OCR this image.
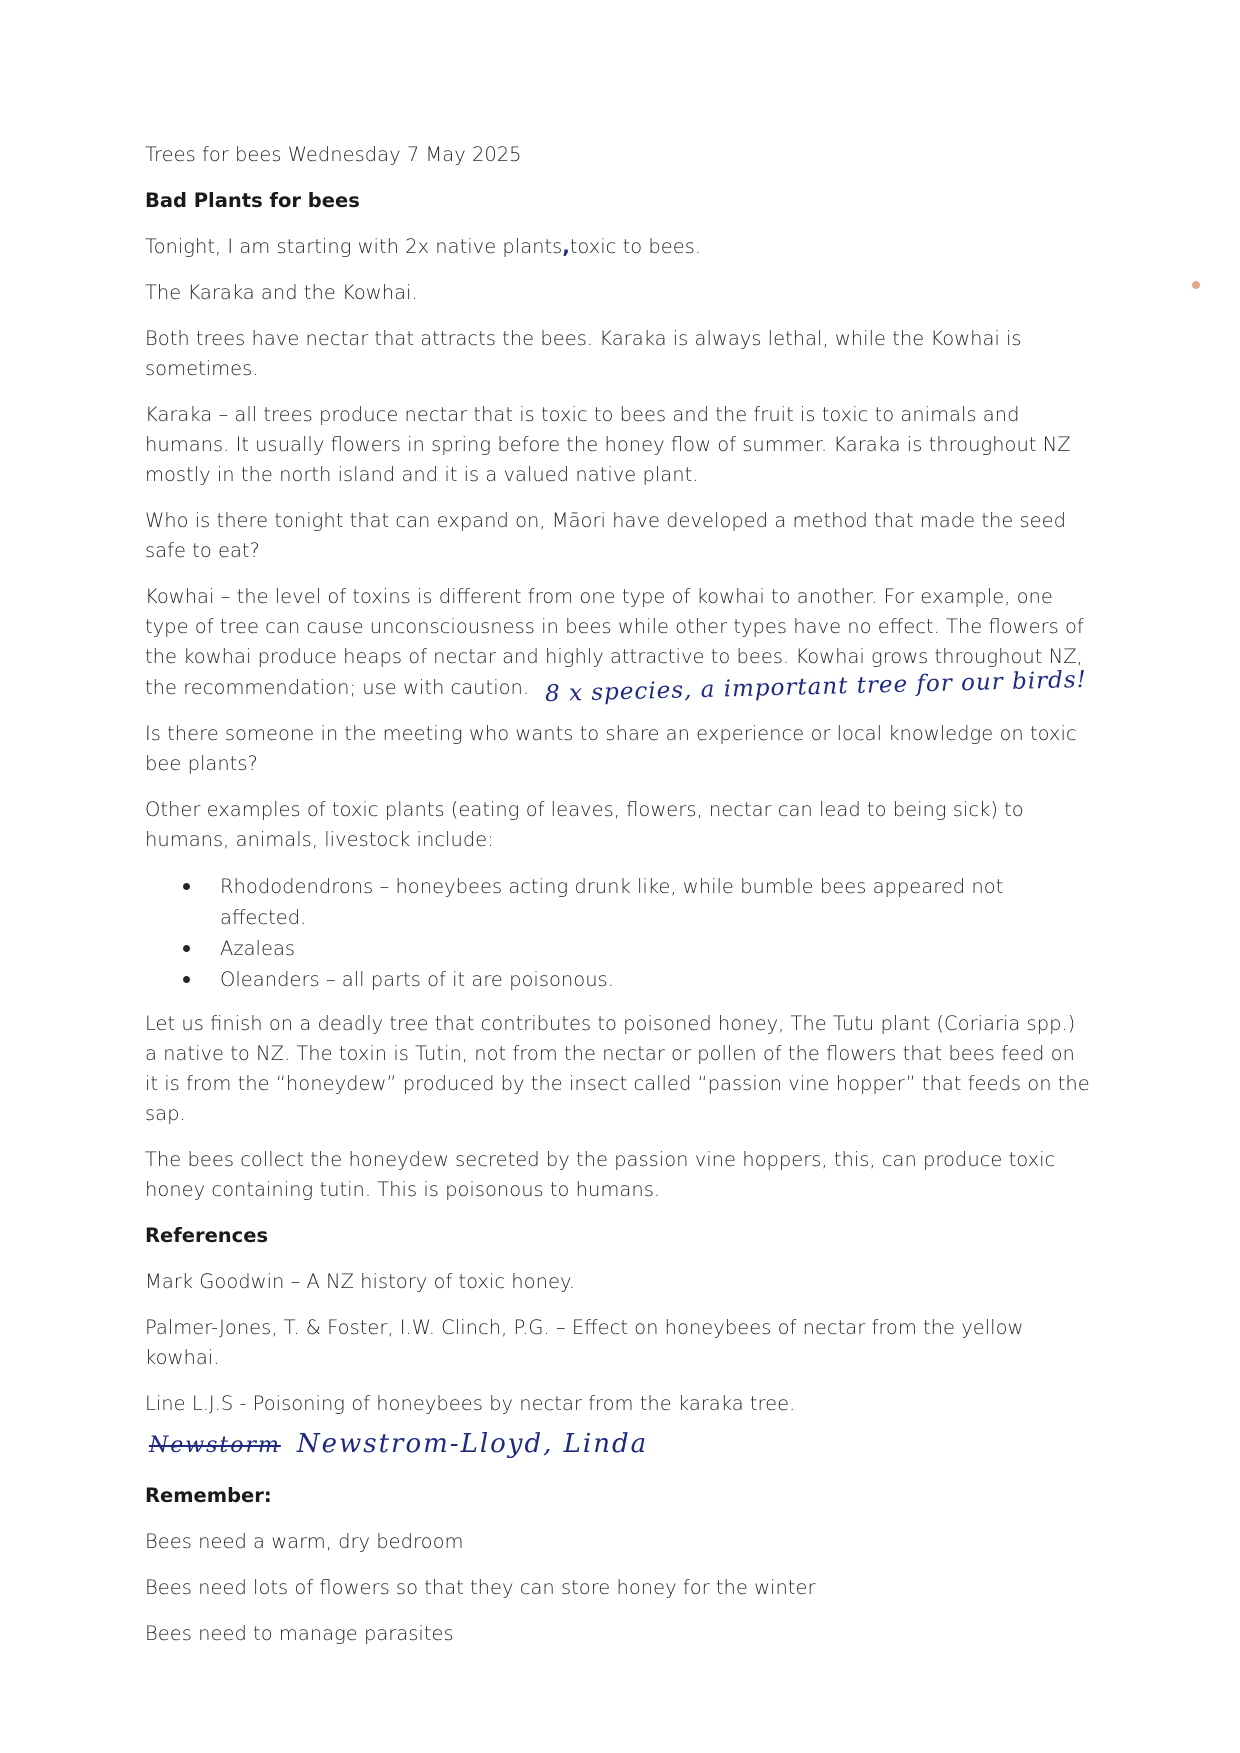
Trees for bees Wednesday 7 May 2025

Bad Plants for bees

Tonight, I am starting with 2x native plants,toxic to bees.

The Karaka and the Kowhai.

Both trees have nectar that attracts the bees. Karaka is always lethal, while the Kowhai is sometimes.

Karaka – all trees produce nectar that is toxic to bees and the fruit is toxic to animals and humans. It usually flowers in spring before the honey flow of summer. Karaka is throughout NZ mostly in the north island and it is a valued native plant.

Who is there tonight that can expand on, Māori have developed a method that made the seed safe to eat?

Kowhai – the level of toxins is different from one type of kowhai to another. For example, one type of tree can cause unconsciousness in bees while other types have no effect. The flowers of the kowhai produce heaps of nectar and highly attractive to bees. Kowhai grows throughout NZ, the recommendation; use with caution. 8 x species, a important tree for our birds!

Is there someone in the meeting who wants to share an experience or local knowledge on toxic bee plants?

Other examples of toxic plants (eating of leaves, flowers, nectar can lead to being sick) to humans, animals, livestock include:

Rhododendrons – honeybees acting drunk like, while bumble bees appeared not affected.
Azaleas
Oleanders – all parts of it are poisonous.

Let us finish on a deadly tree that contributes to poisoned honey, The Tutu plant (Coriaria spp.) a native to NZ. The toxin is Tutin, not from the nectar or pollen of the flowers that bees feed on it is from the “honeydew” produced by the insect called “passion vine hopper” that feeds on the sap.

The bees collect the honeydew secreted by the passion vine hoppers, this, can produce toxic honey containing tutin. This is poisonous to humans.

References

Mark Goodwin – A NZ history of toxic honey.

Palmer-Jones, T. & Foster, I.W. Clinch, P.G. – Effect on honeybees of nectar from the yellow kowhai.

Line L.J.S - Poisoning of honeybees by nectar from the karaka tree.

Newstorm Newstrom-Lloyd, Linda

Remember:

Bees need a warm, dry bedroom

Bees need lots of flowers so that they can store honey for the winter

Bees need to manage parasites
